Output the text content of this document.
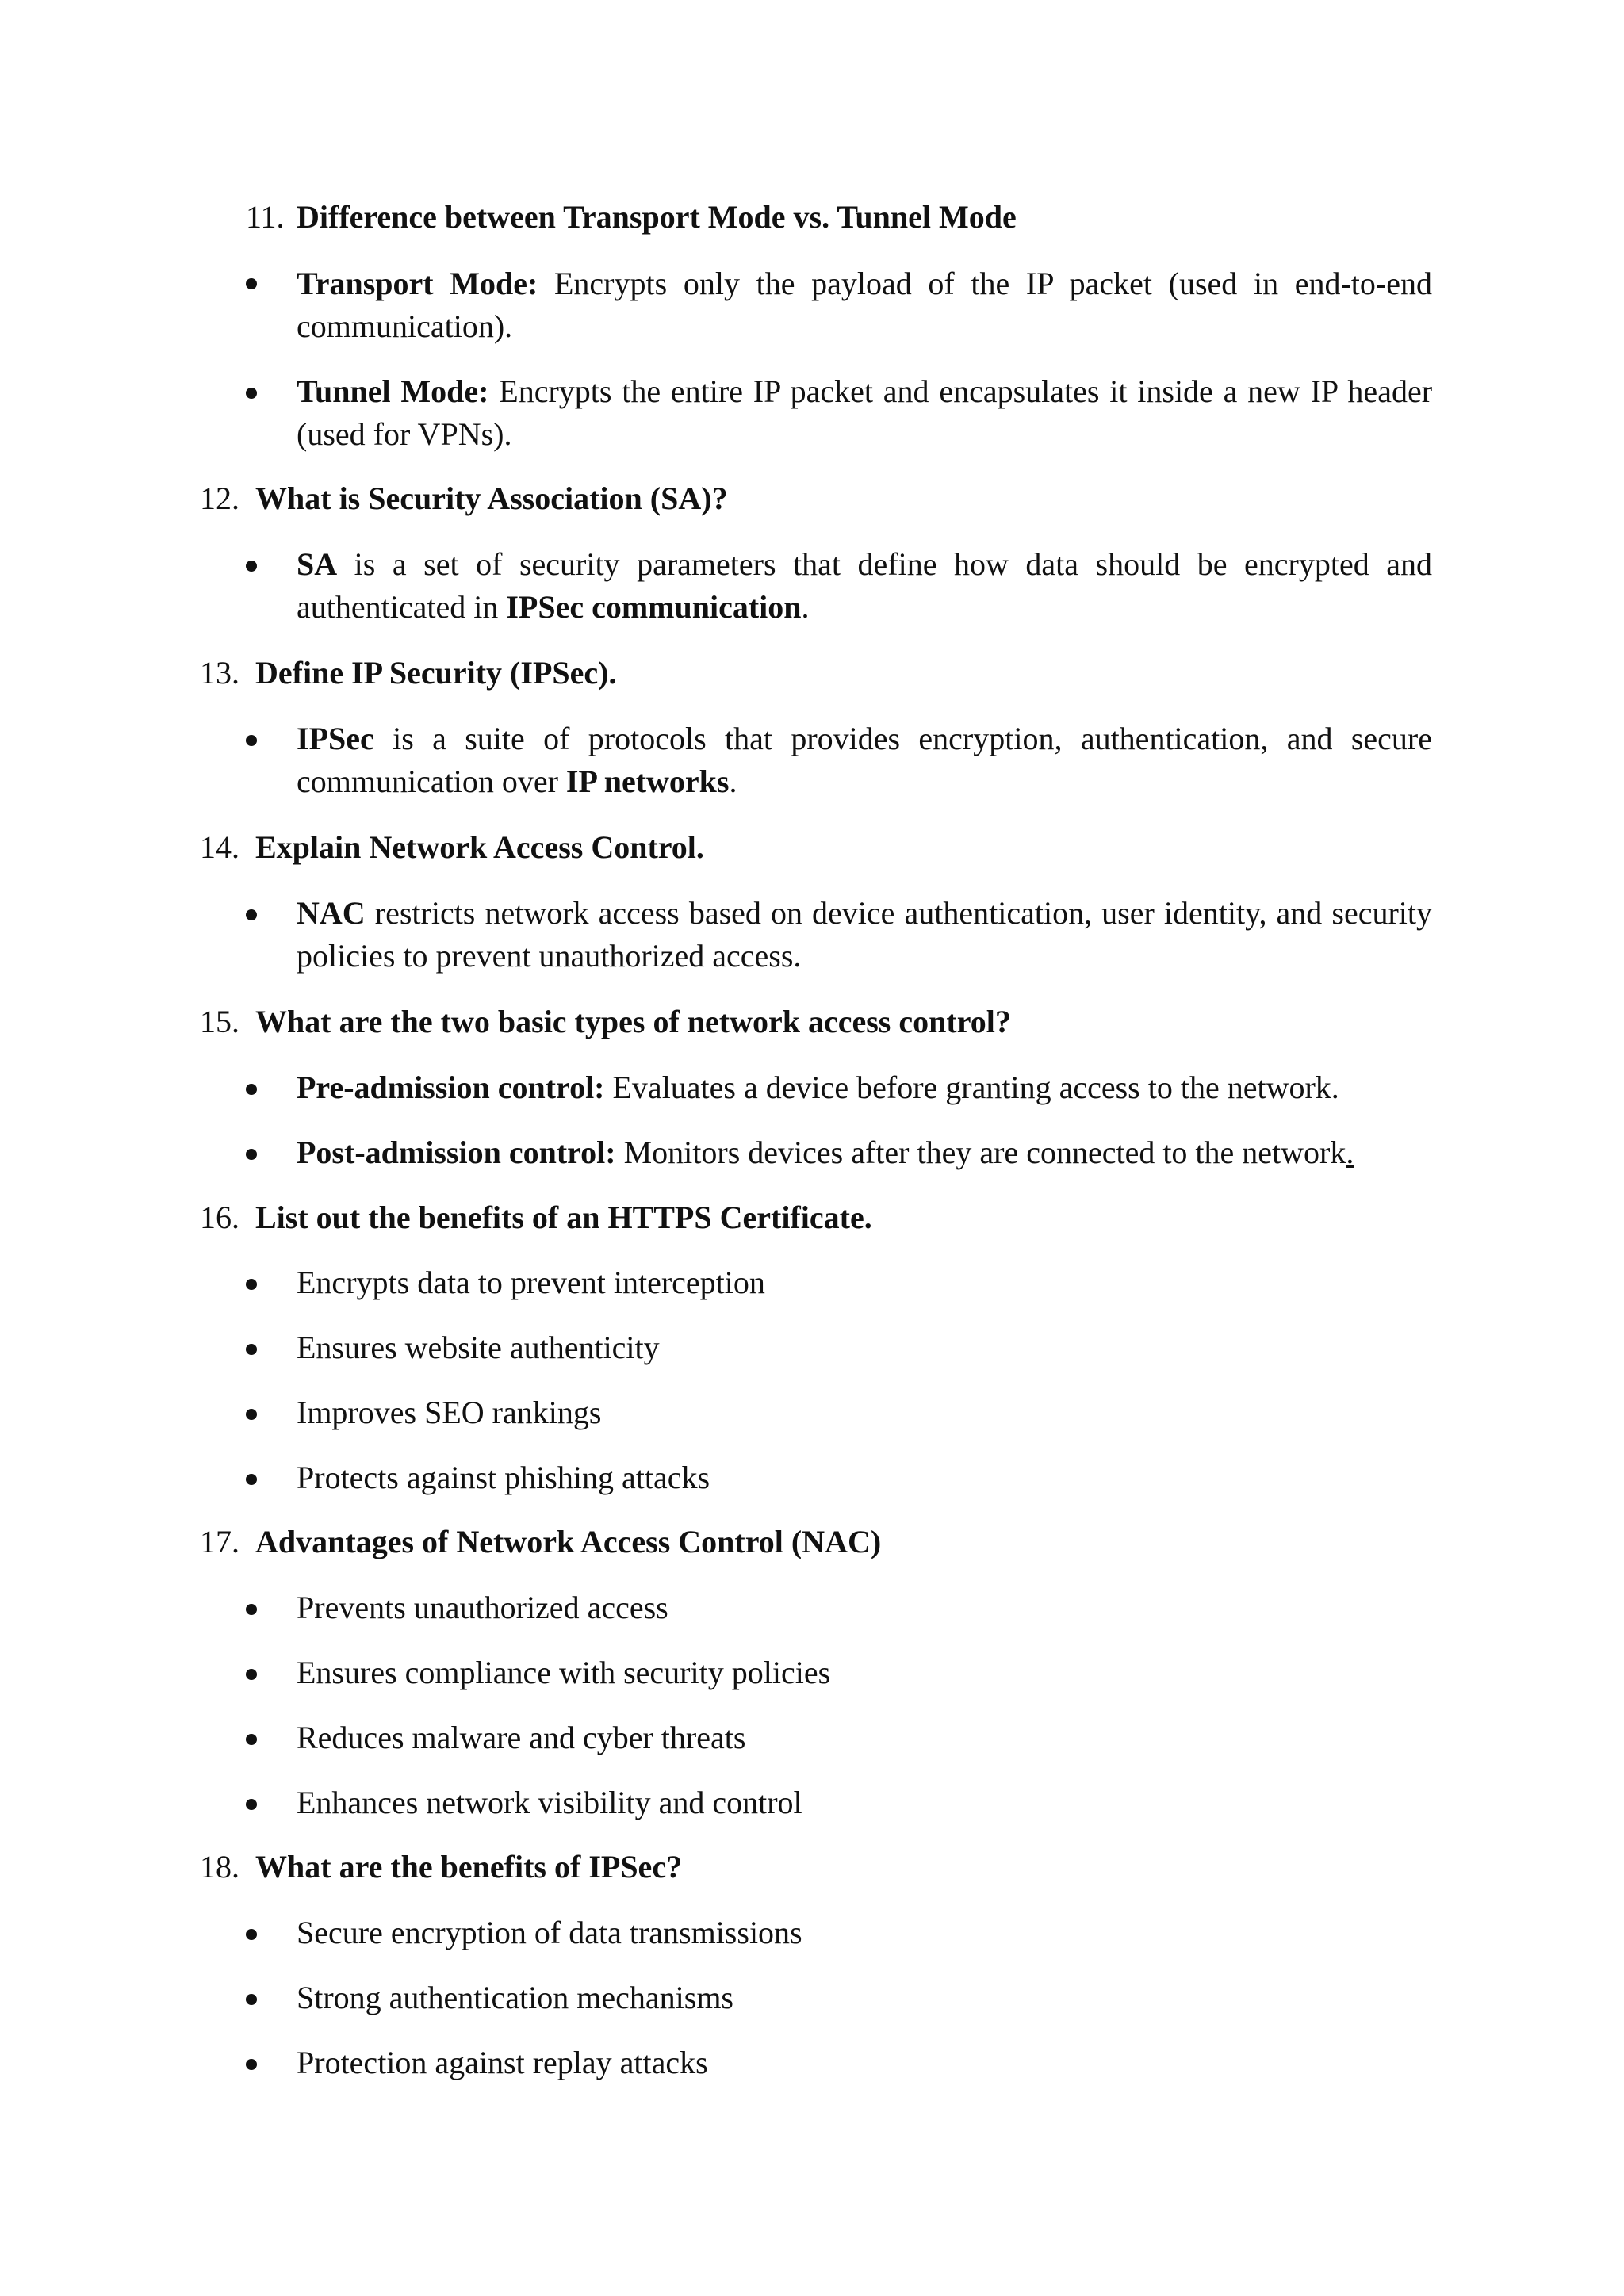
11. Difference between Transport Mode vs. Tunnel Mode
Transport Mode: Encrypts only the payload of the IP packet (used in end-to-end communication).
Tunnel Mode: Encrypts the entire IP packet and encapsulates it inside a new IP header (used for VPNs).
12. What is Security Association (SA)?
SA is a set of security parameters that define how data should be encrypted and authenticated in IPSec communication.
13. Define IP Security (IPSec).
IPSec is a suite of protocols that provides encryption, authentication, and secure communication over IP networks.
14. Explain Network Access Control.
NAC restricts network access based on device authentication, user identity, and security policies to prevent unauthorized access.
15. What are the two basic types of network access control?
Pre-admission control: Evaluates a device before granting access to the network.
Post-admission control: Monitors devices after they are connected to the network.
16. List out the benefits of an HTTPS Certificate.
Encrypts data to prevent interception
Ensures website authenticity
Improves SEO rankings
Protects against phishing attacks
17. Advantages of Network Access Control (NAC)
Prevents unauthorized access
Ensures compliance with security policies
Reduces malware and cyber threats
Enhances network visibility and control
18. What are the benefits of IPSec?
Secure encryption of data transmissions
Strong authentication mechanisms
Protection against replay attacks
